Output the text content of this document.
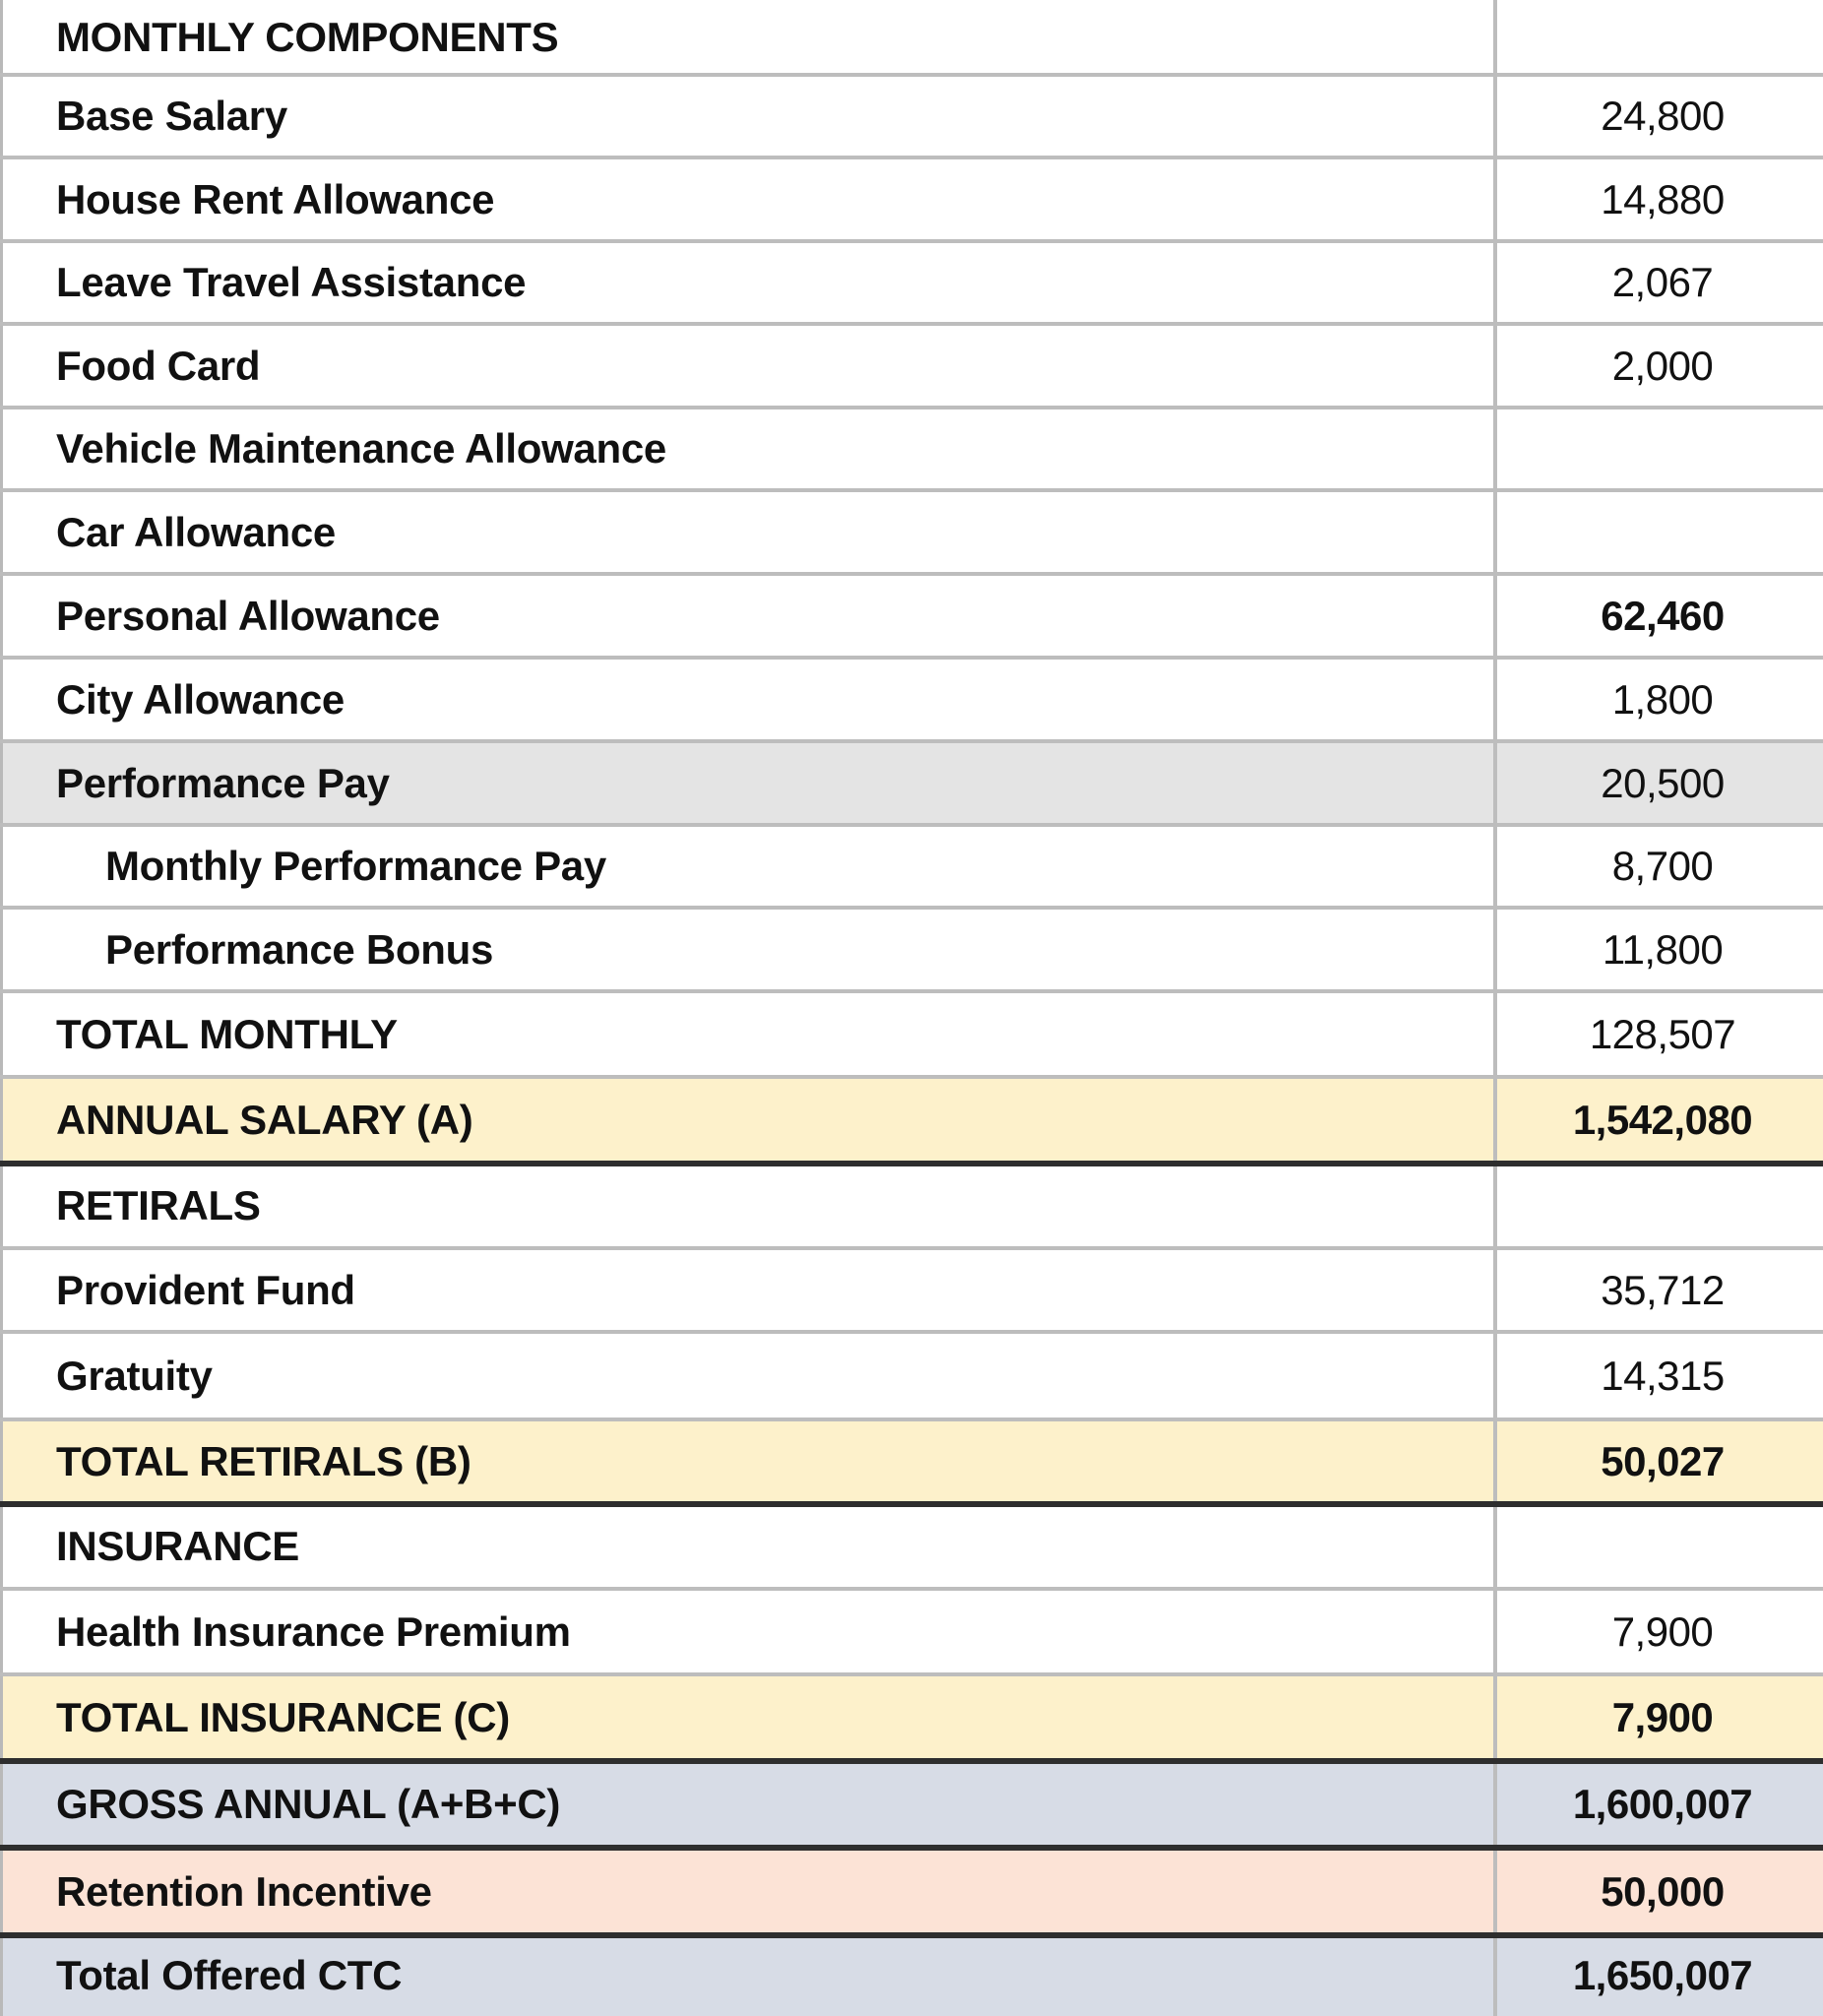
MONTHLY COMPONENTS
Base Salary	24,800
House Rent Allowance	14,880
Leave Travel Assistance	2,067
Food Card	2,000
Vehicle Maintenance Allowance
Car Allowance
Personal Allowance	62,460
City Allowance	1,800
Performance Pay	20,500
Monthly Performance Pay	8,700
Performance Bonus	11,800
TOTAL MONTHLY	128,507
ANNUAL SALARY (A)	1,542,080
RETIRALS
Provident Fund	35,712
Gratuity	14,315
TOTAL RETIRALS (B)	50,027
INSURANCE
Health Insurance Premium	7,900
TOTAL INSURANCE (C)	7,900
GROSS ANNUAL (A+B+C)	1,600,007
Retention Incentive	50,000
Total Offered CTC	1,650,007
